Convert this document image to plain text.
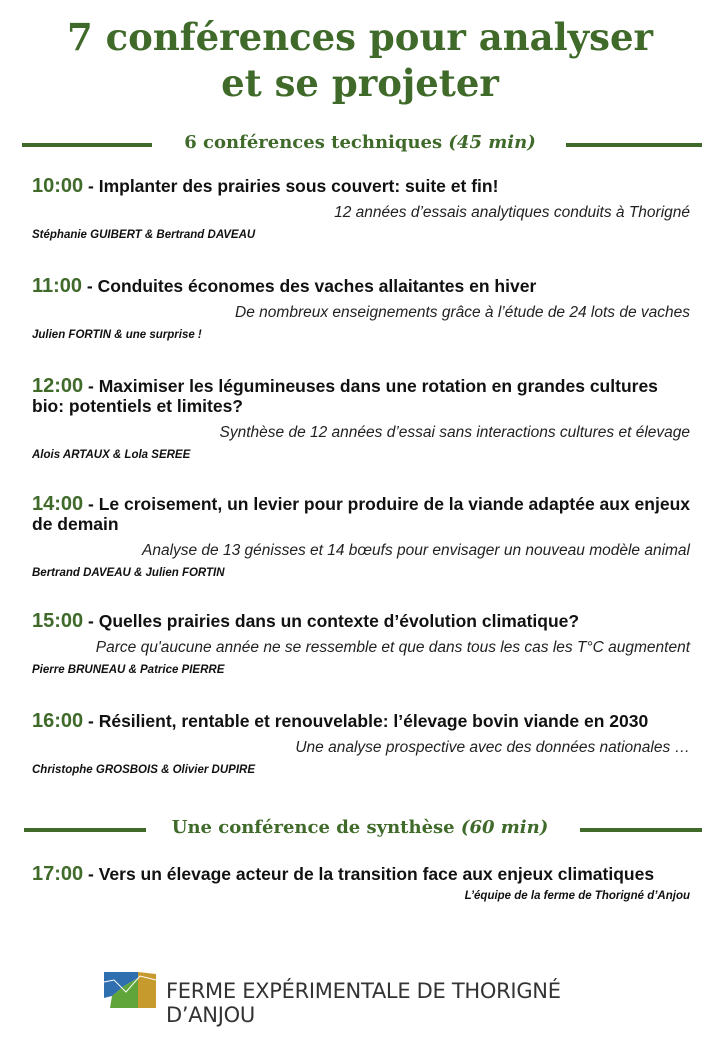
7 conférences pour analyser
et se projeter
6 conférences techniques (45 min)
10:00 - Implanter des prairies sous couvert: suite et fin!
12 années d’essais analytiques conduits à Thorigné
Stéphanie GUIBERT & Bertrand DAVEAU
11:00 - Conduites économes des vaches allaitantes en hiver
De nombreux enseignements grâce à l’étude de 24 lots de vaches
Julien FORTIN & une surprise !
12:00 - Maximiser les légumineuses dans une rotation en grandes cultures bio: potentiels et limites?
Synthèse de 12 années d’essai sans interactions cultures et élevage
Alois ARTAUX & Lola SEREE
14:00 - Le croisement, un levier pour produire de la viande adaptée aux enjeux de demain
Analyse de 13 génisses et 14 bœufs pour envisager un nouveau modèle animal
Bertrand DAVEAU & Julien FORTIN
15:00 - Quelles prairies dans un contexte d’évolution climatique?
Parce qu'aucune année ne se ressemble et que dans tous les cas les T°C augmentent
Pierre BRUNEAU & Patrice PIERRE
16:00 - Résilient, rentable et renouvelable: l’élevage bovin viande en 2030
Une analyse prospective avec des données nationales …
Christophe GROSBOIS & Olivier DUPIRE
Une conférence de synthèse (60 min)
17:00 - Vers un élevage acteur de la transition face aux enjeux climatiques
L’équipe de la ferme de Thorigné d’Anjou
FERME EXPÉRIMENTALE DE THORIGNÉ D’ANJOU
